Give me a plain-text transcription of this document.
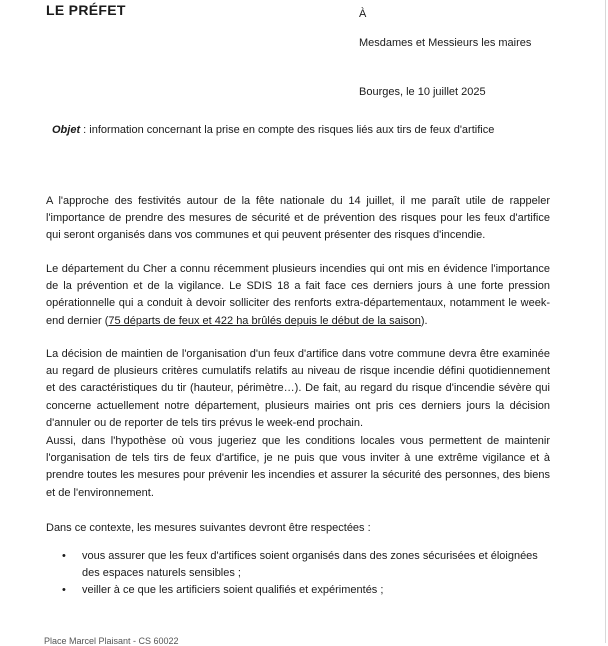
LE PRÉFET	À
Mesdames et Messieurs les maires
Bourges, le 10 juillet 2025
Objet : information concernant la prise en compte des risques liés aux tirs de feux d'artifice

A l'approche des festivités autour de la fête nationale du 14 juillet, il me paraît utile de rappeler l'importance de prendre des mesures de sécurité et de prévention des risques pour les feux d'artifice qui seront organisés dans vos communes et qui peuvent présenter des risques d'incendie.

Le département du Cher a connu récemment plusieurs incendies qui ont mis en évidence l'importance de la prévention et de la vigilance. Le SDIS 18 a fait face ces derniers jours à une forte pression opérationnelle qui a conduit à devoir solliciter des renforts extra-départementaux, notamment le week-end dernier (75 départs de feux et 422 ha brûlés depuis le début de la saison).

La décision de maintien de l'organisation d'un feux d'artifice dans votre commune devra être examinée au regard de plusieurs critères cumulatifs relatifs au niveau de risque incendie défini quotidiennement et des caractéristiques du tir (hauteur, périmètre…). De fait, au regard du risque d'incendie sévère qui concerne actuellement notre département, plusieurs mairies ont pris ces derniers jours la décision d'annuler ou de reporter de tels tirs prévus le week-end prochain.

Aussi, dans l'hypothèse où vous jugeriez que les conditions locales vous permettent de maintenir l'organisation de tels tirs de feux d'artifice, je ne puis que vous inviter à une extrême vigilance et à prendre toutes les mesures pour prévenir les incendies et assurer la sécurité des personnes, des biens et de l'environnement.

Dans ce contexte, les mesures suivantes devront être respectées :

• vous assurer que les feux d'artifices soient organisés dans des zones sécurisées et éloignées des espaces naturels sensibles ;
• veiller à ce que les artificiers soient qualifiés et expérimentés ;
Place Marcel Plaisant - CS 60022
